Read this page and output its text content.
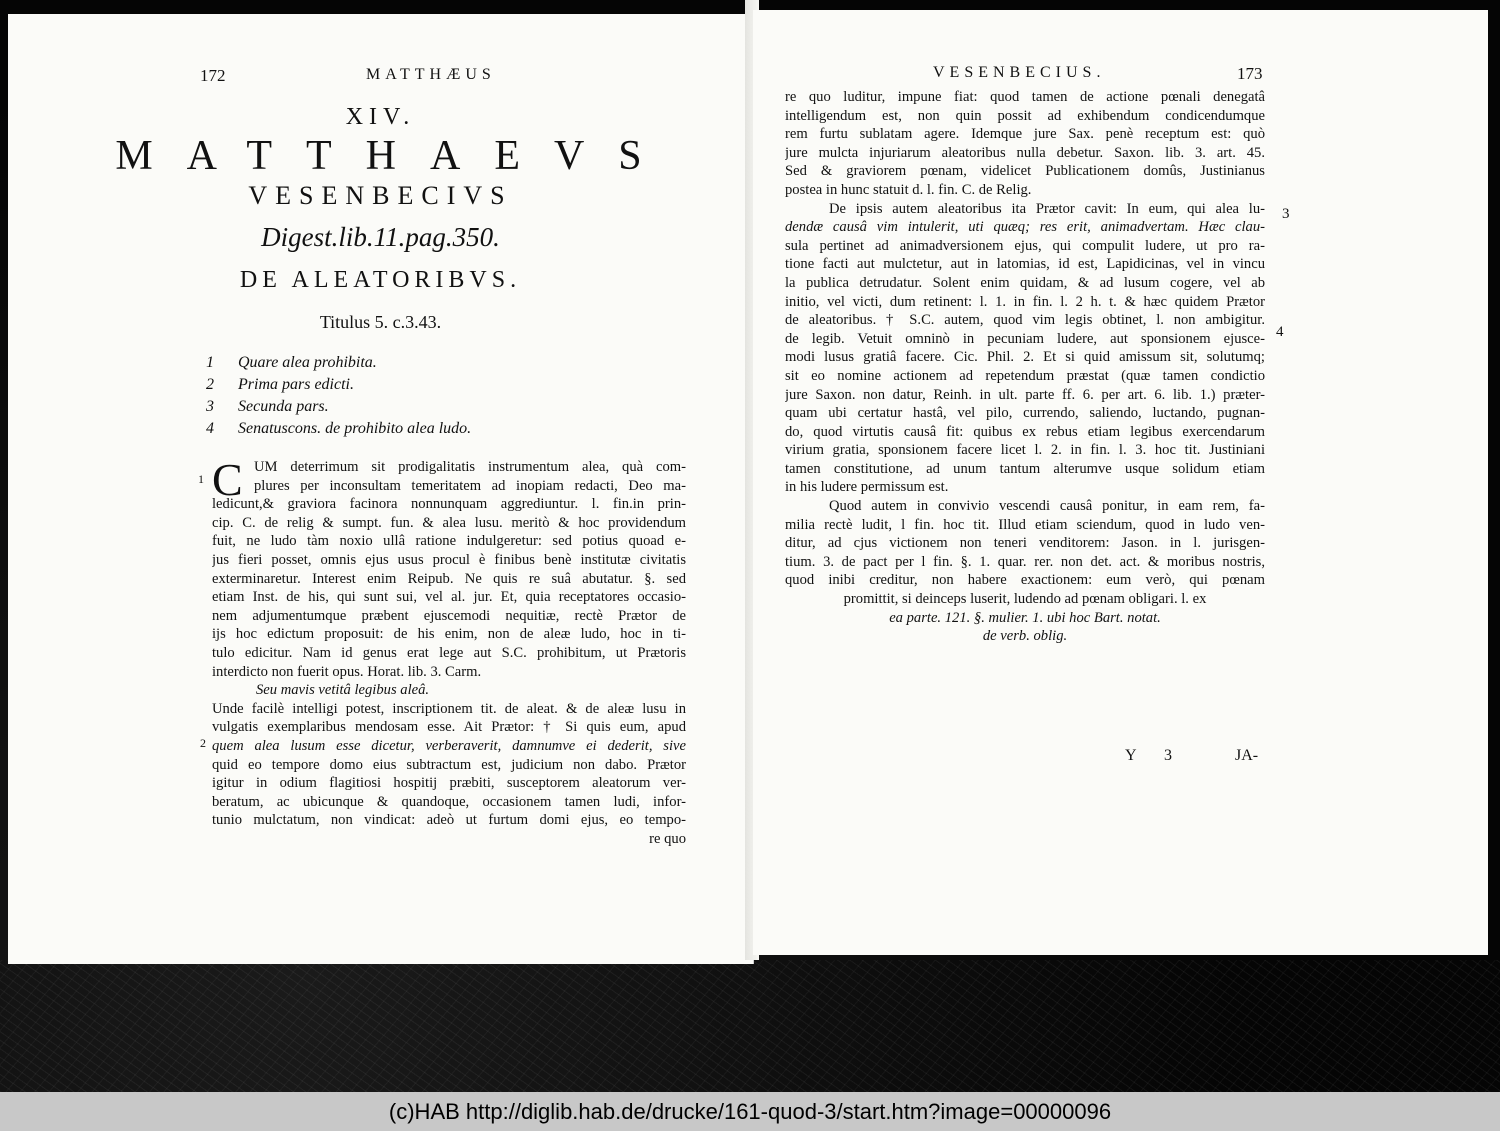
172	MATTHÆUS
XIV.
MATTHAEVS
VESENBECIVS
Digest.lib.11.pag.350.
DE ALEATORIBVS.
Titulus 5. c.3.43.
1 Quare alea prohibita.
2 Prima pars edicti.
3 Secunda pars.
4 Senatuscons. de prohibito alea ludo.
1 C UM deterrimum sit prodigalitatis instrumentum alea, quà com-
plures per inconsultam temeritatem ad inopiam redacti, Deo ma-
ledicunt,& graviora facinora nonnunquam aggrediuntur. l. fin.in prin-
cip. C. de relig & sumpt. fun. & alea lusu. meritò & hoc providendum
fuit, ne ludo tàm noxio ullâ ratione indulgeretur: sed potius quoad e-
jus fieri posset, omnis ejus usus procul è finibus benè institutæ civitatis
exterminaretur. Interest enim Reipub. Ne quis re suâ abutatur. §. sed
etiam Inst. de his, qui sunt sui, vel al. jur. Et, quia receptatores occasio-
nem adjumentumque præbent ejuscemodi nequitiæ, rectè Prætor de
ijs hoc edictum proposuit: de his enim, non de aleæ ludo, hoc in ti-
tulo edicitur. Nam id genus erat lege aut S.C. prohibitum, ut Prætoris
interdicto non fuerit opus. Horat. lib. 3. Carm.
Seu mavis vetitâ legibus aleâ.
Unde facilè intelligi potest, inscriptionem tit. de aleat. & de aleæ lusu in
vulgatis exemplaribus mendosam esse. Ait Prætor: † Si quis eum, apud
quem alea lusum esse dicetur, verberaverit, damnumve ei dederit, sive
quid eo tempore domo eius subtractum est, judicium non dabo. Prætor
igitur in odium flagitiosi hospitij præbiti, susceptorem aleatorum ver-
beratum, ac ubicunque & quandoque, occasionem tamen ludi, infor-
tunio mulctatum, non vindicat: adeò ut furtum domi ejus, eo tempo-
re quo
2
VESENBECIUS.	173
re quo luditur, impune fiat: quod tamen de actione pœnali denegatâ
intelligendum est, non quin possit ad exhibendum condicendumque
rem furtu sublatam agere. Idemque jure Sax. penè receptum est: quò
jure mulcta injuriarum aleatoribus nulla debetur. Saxon. lib. 3. art. 45.
Sed & graviorem pœnam, videlicet Publicationem domûs, Justinianus
postea in hunc statuit d. l. fin. C. de Relig.
De ipsis autem aleatoribus ita Prætor cavit: In eum, qui alea lu-
dendæ causâ vim intulerit, uti quæq; res erit, animadvertam. Hæc clau-
sula pertinet ad animadversionem ejus, qui compulit ludere, ut pro ra-
tione facti aut mulctetur, aut in latomias, id est, Lapidicinas, vel in vincu
la publica detrudatur. Solent enim quidam, & ad lusum cogere, vel ab
initio, vel victi, dum retinent: l. 1. in fin. l. 2 h. t. & hæc quidem Prætor
de aleatoribus. † S.C. autem, quod vim legis obtinet, l. non ambigitur.
de legib. Vetuit omninò in pecuniam ludere, aut sponsionem ejusce-
modi lusus gratiâ facere. Cic. Phil. 2. Et si quid amissum sit, solutumq;
sit eo nomine actionem ad repetendum præstat (quæ tamen condictio
jure Saxon. non datur, Reinh. in ult. parte ff. 6. per art. 6. lib. 1.) præter-
quam ubi certatur hastâ, vel pilo, currendo, saliendo, luctando, pugnan-
do, quod virtutis causâ fit: quibus ex rebus etiam legibus exercendarum
virium gratia, sponsionem facere licet l. 2. in fin. l. 3. hoc tit. Justiniani
tamen constitutione, ad unum tantum alterumve usque solidum etiam
in his ludere permissum est.
Quod autem in convivio vescendi causâ ponitur, in eam rem, fa-
milia rectè ludit, l fin. hoc tit. Illud etiam sciendum, quod in ludo ven-
ditur, ad cjus victionem non teneri venditorem: Jason. in l. jurisgen-
tium. 3. de pact per l fin. §. 1. quar. rer. non det. act. & moribus nostris,
quod inibi creditur, non habere exactionem: eum verò, qui pœnam
promittit, si deinceps luserit, ludendo ad pœnam obligari. l. ex
ea parte. 121. §. mulier. 1. ubi hoc Bart. notat.
de verb. oblig.
3
4
Y 3	JA-
(c)HAB http://diglib.hab.de/drucke/161-quod-3/start.htm?image=00000096
